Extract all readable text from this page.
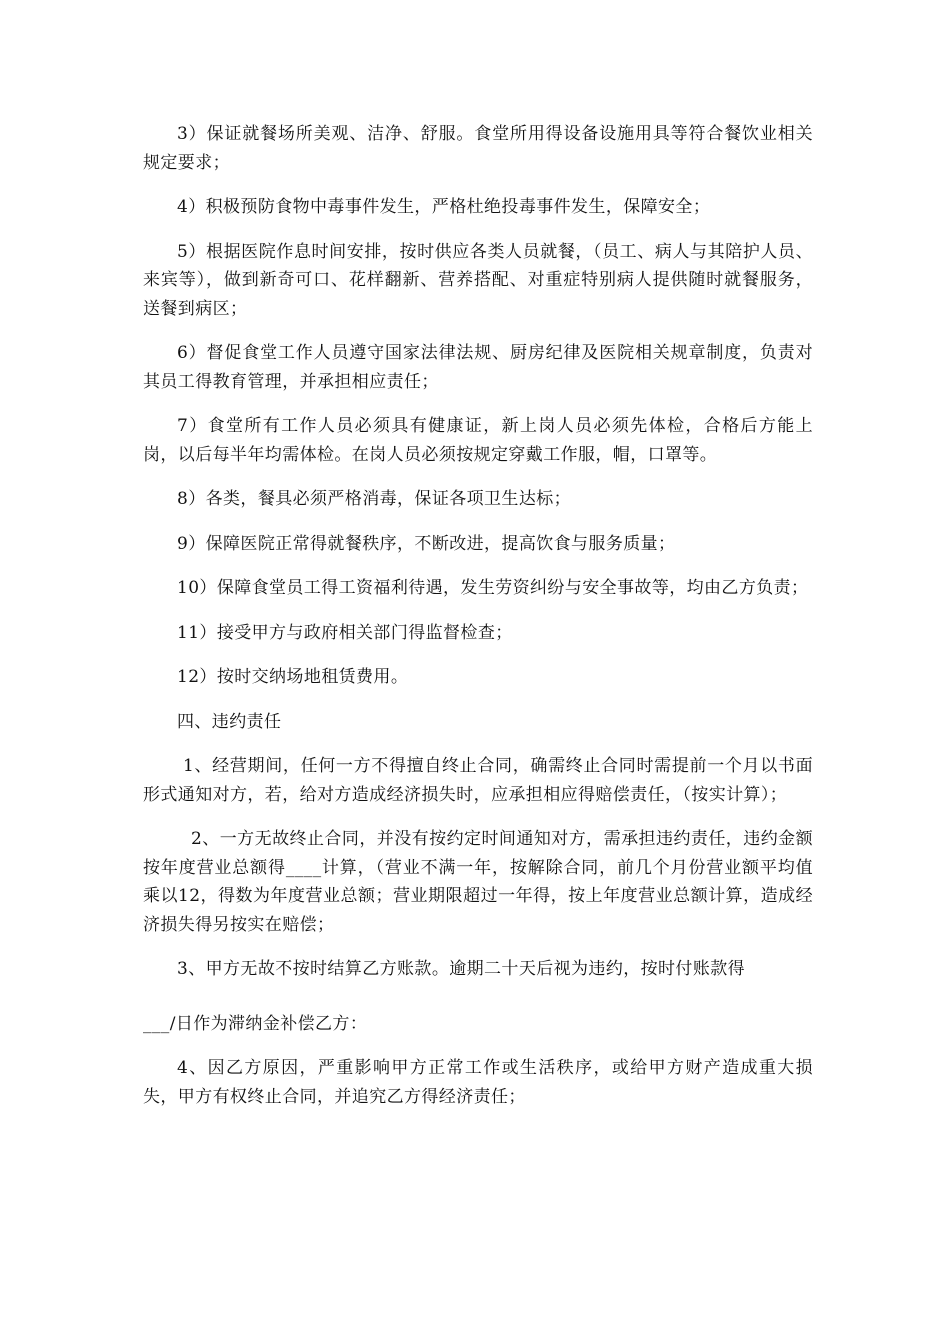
3）保证就餐场所美观、洁净、舒服。食堂所用得设备设施用具等符合餐饮业相关规定要求；

4）积极预防食物中毒事件发生，严格杜绝投毒事件发生，保障安全；

5）根据医院作息时间安排，按时供应各类人员就餐，（员工、病人与其陪护人员、来宾等），做到新奇可口、花样翻新、营养搭配、对重症特别病人提供随时就餐服务，送餐到病区；

6）督促食堂工作人员遵守国家法律法规、厨房纪律及医院相关规章制度，负责对其员工得教育管理，并承担相应责任；

7）食堂所有工作人员必须具有健康证，新上岗人员必须先体检，合格后方能上岗，以后每半年均需体检。在岗人员必须按规定穿戴工作服，帽，口罩等。

8）各类，餐具必须严格消毒，保证各项卫生达标；

9）保障医院正常得就餐秩序，不断改进，提高饮食与服务质量；

10）保障食堂员工得工资福利待遇，发生劳资纠纷与安全事故等，均由乙方负责；

11）接受甲方与政府相关部门得监督检查；

12）按时交纳场地租赁费用。

四、违约责任

1、经营期间，任何一方不得擅自终止合同，确需终止合同时需提前一个月以书面形式通知对方，若，给对方造成经济损失时，应承担相应得赔偿责任，（按实计算）；

2、一方无故终止合同，并没有按约定时间通知对方，需承担违约责任，违约金额按年度营业总额得____计算，（营业不满一年，按解除合同，前几个月份营业额平均值乘以12，得数为年度营业总额；营业期限超过一年得，按上年度营业总额计算，造成经济损失得另按实在赔偿；

3、甲方无故不按时结算乙方账款。逾期二十天后视为违约，按时付账款得

___/日作为滞纳金补偿乙方：

4、因乙方原因，严重影响甲方正常工作或生活秩序，或给甲方财产造成重大损失，甲方有权终止合同，并追究乙方得经济责任；
